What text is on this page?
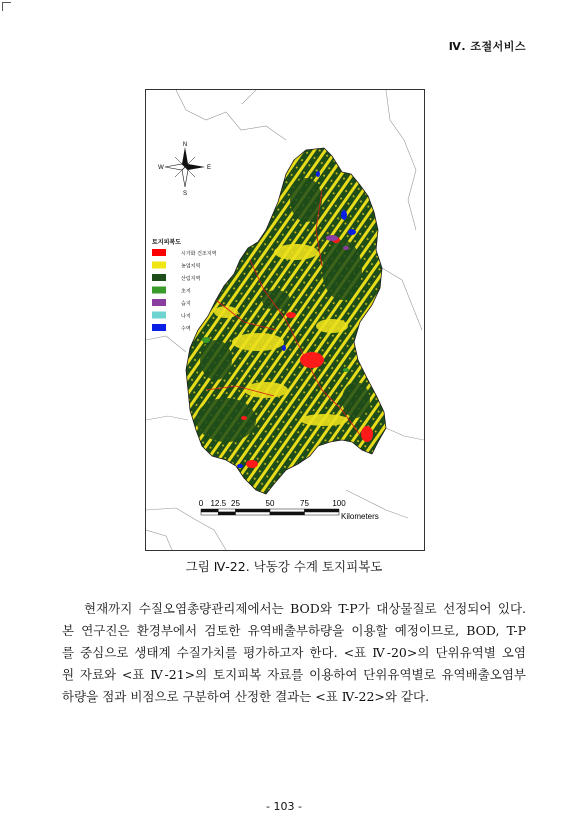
Ⅳ. 조절서비스
N
S
W	E
토지피복도
시가화 건조지역
농업지역
산림지역
초지
습지
나지
수역
0 12.5 25	50	75	100
Kilometers
그림 Ⅳ-22. 낙동강 수계 토지피복도
현재까지 수질오염총량관리제에서는 BOD와 T-P가 대상물질로 선정되어 있다.
본 연구진은 환경부에서 검토한 유역배출부하량을 이용할 예정이므로, BOD, T-P
를 중심으로 생태계 수질가치를 평가하고자 한다. <표 Ⅳ-20>의 단위유역별 오염
원 자료와 <표 Ⅳ-21>의 토지피복 자료를 이용하여 단위유역별로 유역배출오염부
하량을 점과 비점으로 구분하여 산정한 결과는 <표 Ⅳ-22>와 같다.
- 103 -
